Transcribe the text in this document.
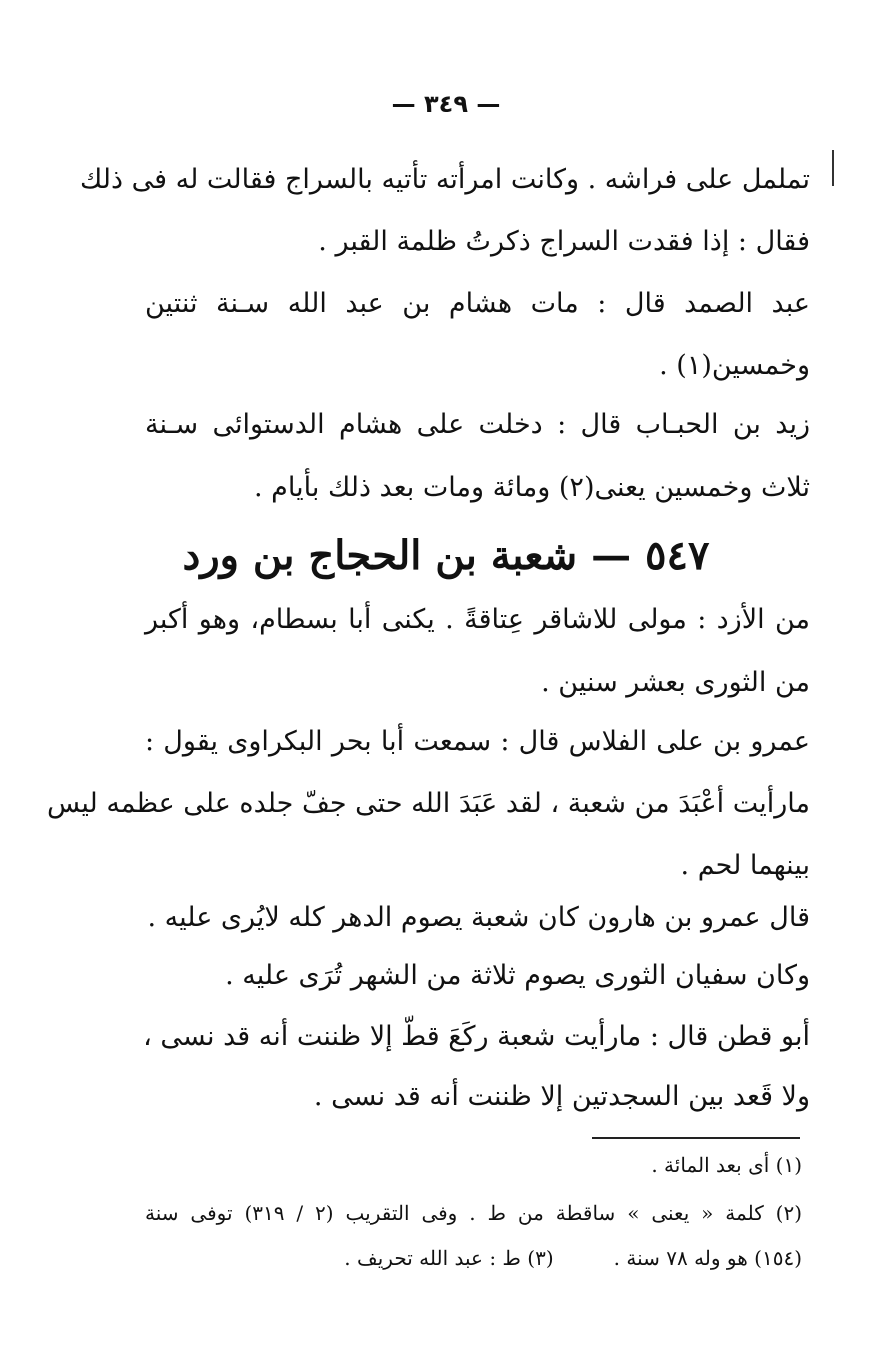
— ٣٤٩ —
تململ على فراشه . وكانت امرأته تأتيه بالسراج فقالت له فى ذلك
فقال : إذا فقدت السراج ذكرتُ ظلمة القبر .
عبد الصمد قال : مات هشام بن عبد الله سـنة ثنتين
وخمسين(١) .
زيد بن الحبـاب قال : دخلت على هشام الدستوائى سـنة
ثلاث وخمسين يعنى(٢) ومائة ومات بعد ذلك بأيام .
٥٤٧ — شعبة بن الحجاج بن ورد
من الأزد : مولى للاشاقر عِتاقةً . يكنى أبا بسطام، وهو أكبر
من الثورى بعشر سنين .
عمرو بن على الفلاس قال : سمعت أبا بحر البكراوى يقول :
مارأيت أعْبَدَ من شعبة ، لقد عَبَدَ الله حتى جفّ جلده على عظمه ليس
بينهما لحم .
قال عمرو بن هارون كان شعبة يصوم الدهر كله لايُرى عليه .
وكان سفيان الثورى يصوم ثلاثة من الشهر تُرَى عليه .
أبو قطن قال : مارأيت شعبة ركَعَ قطّ إلا ظننت أنه قد نسى ،
ولا قَعد بين السجدتين إلا ظننت أنه قد نسى .
(١) أى بعد المائة .
(٢) كلمة « يعنى » ساقطة من ط . وفى التقريب (٢ / ٣١٩) توفى سنة
(١٥٤) هو وله ٧٨ سنة .(٣) ط : عبد الله تحريف .
